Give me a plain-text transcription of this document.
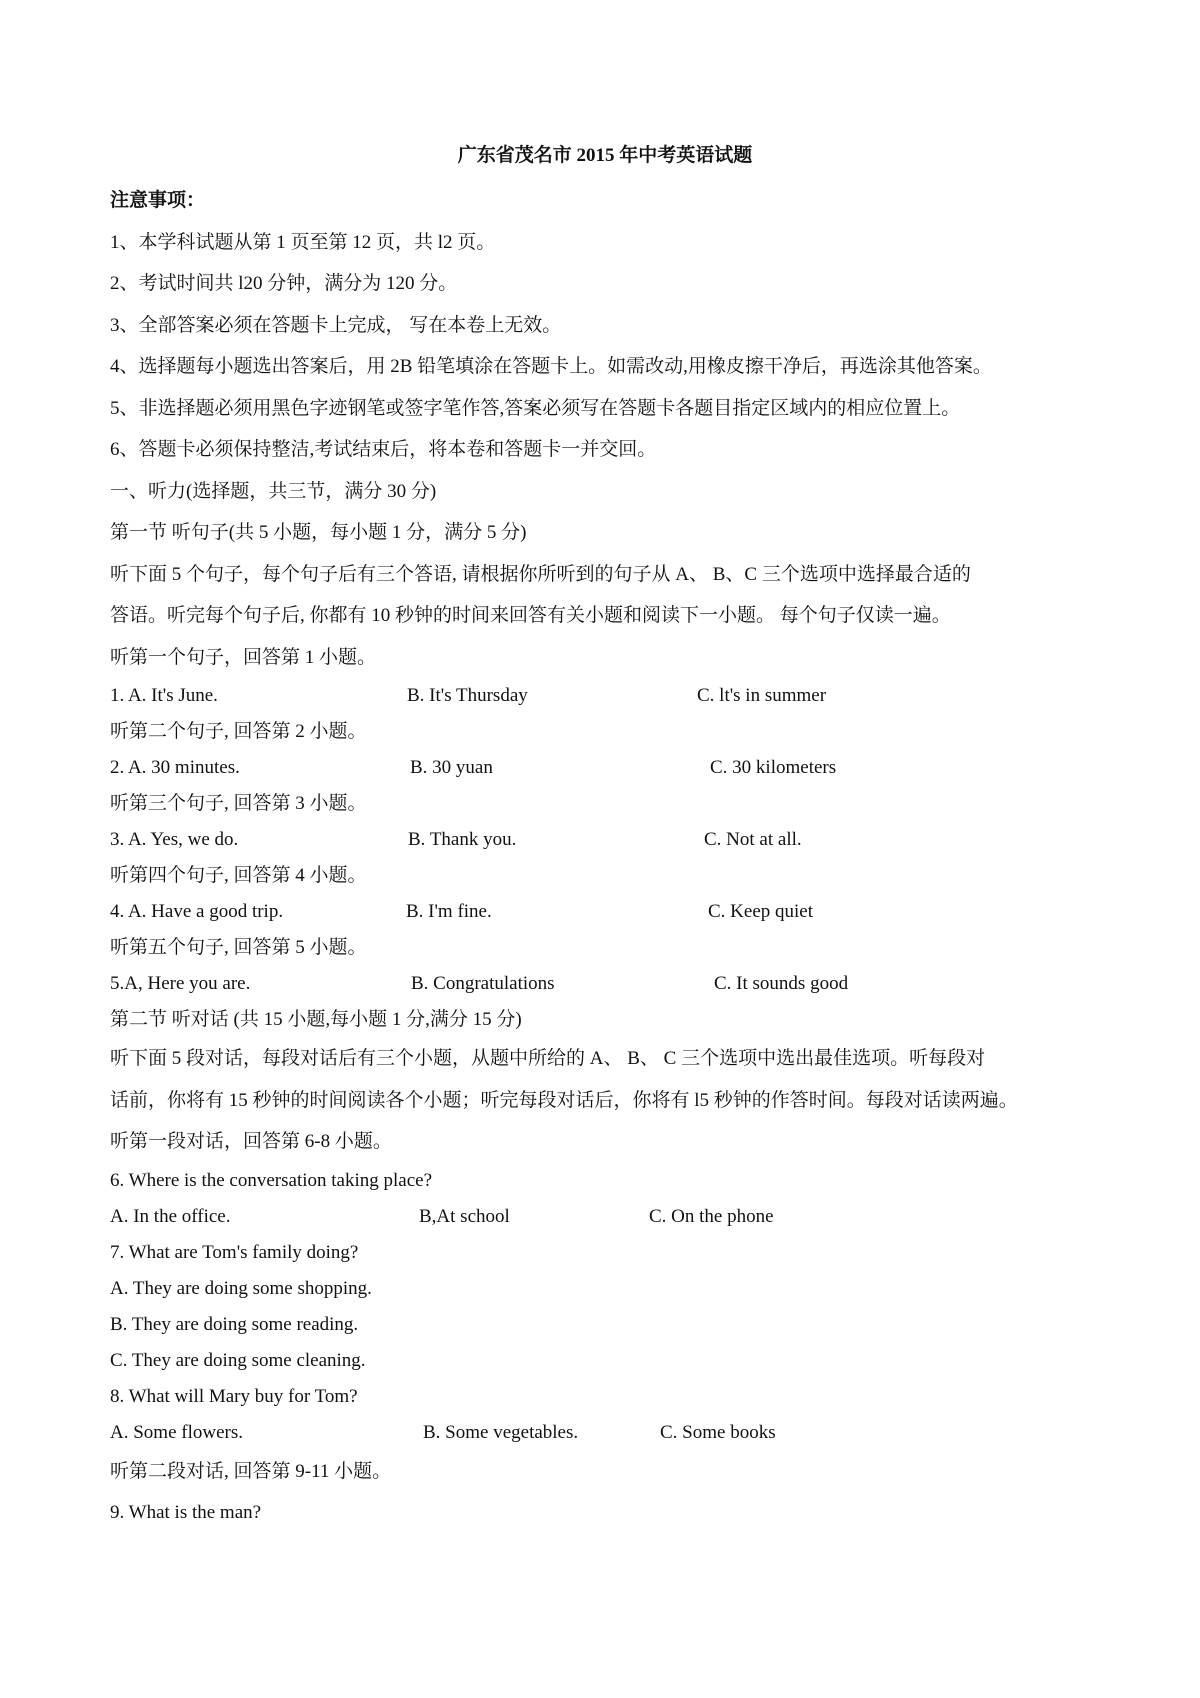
广东省茂名市 2015 年中考英语试题
注意事项：
1、本学科试题从第 1 页至第 12 页，共 l2 页。
2、考试时间共 l20 分钟，满分为 120 分。
3、全部答案必须在答题卡上完成， 写在本卷上无效。
4、选择题每小题选出答案后，用 2B 铅笔填涂在答题卡上。如需改动,用橡皮擦干净后，再选涂其他答案。
5、非选择题必须用黑色字迹钢笔或签字笔作答,答案必须写在答题卡各题目指定区域内的相应位置上。
6、答题卡必须保持整洁,考试结束后，将本卷和答题卡一并交回。
一、听力(选择题，共三节，满分 30 分)
第一节 听句子(共 5 小题，每小题 1 分，满分 5 分)
听下面 5 个句子，每个句子后有三个答语, 请根据你所听到的句子从 A、 B、C 三个选项中选择最合适的
答语。听完每个句子后, 你都有 10 秒钟的时间来回答有关小题和阅读下一小题。 每个句子仅读一遍。
听第一个句子，回答第 1 小题。
1. A. It's June.	B. It's Thursday	C. lt's in summer
听第二个句子, 回答第 2 小题。
2. A. 30 minutes.	B. 30 yuan	C. 30 kilometers
听第三个句子, 回答第 3 小题。
3. A. Yes, we do.	B. Thank you.	C. Not at all.
听第四个句子, 回答第 4 小题。
4. A. Have a good trip.	B. I'm fine.	C. Keep quiet
听第五个句子, 回答第 5 小题。
5.A, Here you are.	B. Congratulations	C. It sounds good
第二节 听对话 (共 15 小题,每小题 1 分,满分 15 分)
听下面 5 段对话，每段对话后有三个小题，从题中所给的 A、 B、 C 三个选项中选出最佳选项。听每段对
话前，你将有 15 秒钟的时间阅读各个小题；听完每段对话后，你将有 l5 秒钟的作答时间。每段对话读两遍。
听第一段对话，回答第 6-8 小题。
6. Where is the conversation taking place?
A. In the office.	B,At school	C. On the phone
7. What are Tom's family doing?
A. They are doing some shopping.
B. They are doing some reading.
C. They are doing some cleaning.
8. What will Mary buy for Tom?
A. Some flowers.	B. Some vegetables.	C. Some books
听第二段对话, 回答第 9-11 小题。
9. What is the man?
